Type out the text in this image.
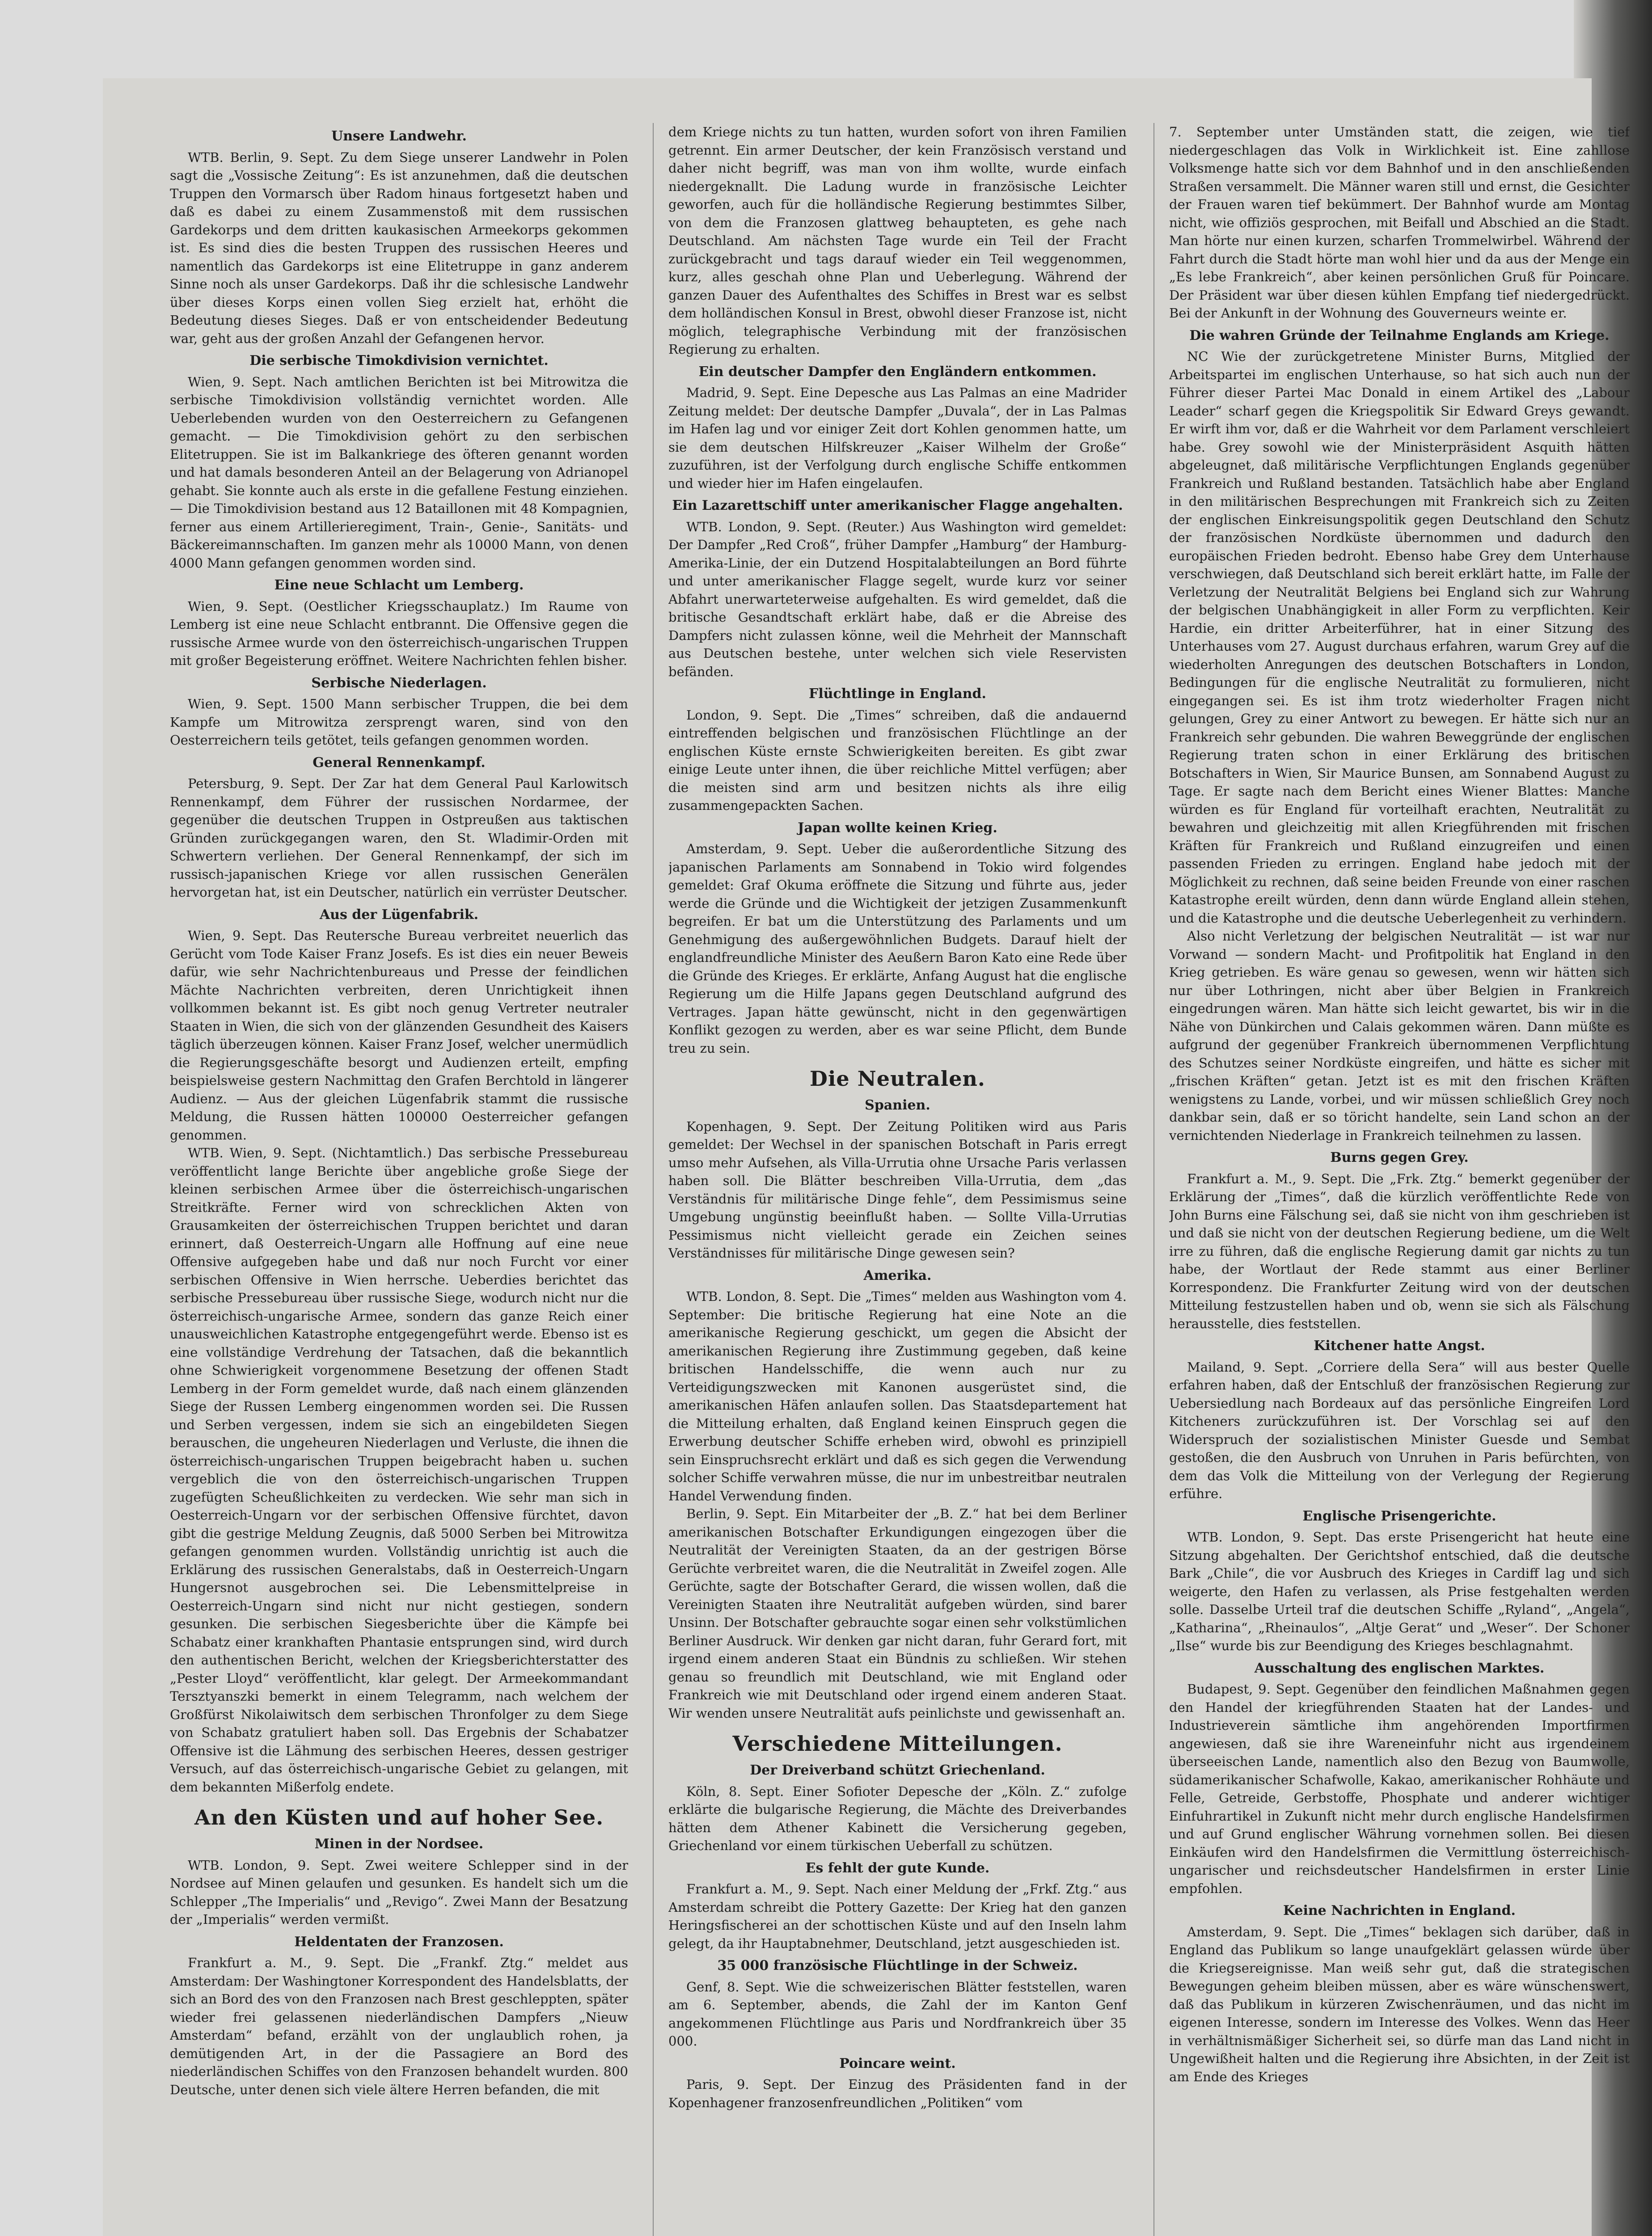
Unsere Landwehr.

WTB. Berlin, 9. Sept. Zu dem Siege unserer Landwehr in Polen sagt die „Vossische Zeitung“: Es ist anzunehmen, daß die deutschen Truppen den Vormarsch über Radom hinaus fortgesetzt haben und daß es dabei zu einem Zusammenstoß mit dem russischen Gardekorps und dem dritten kaukasischen Armeekorps gekommen ist. Es sind dies die besten Truppen des russischen Heeres und namentlich das Gardekorps ist eine Elitetruppe in ganz anderem Sinne noch als unser Gardekorps. Daß ihr die schlesische Landwehr über dieses Korps einen vollen Sieg erzielt hat, erhöht die Bedeutung dieses Sieges. Daß er von entscheidender Bedeutung war, geht aus der großen Anzahl der Gefangenen hervor.

Die serbische Timokdivision vernichtet.

Wien, 9. Sept. Nach amtlichen Berichten ist bei Mitrowitza die serbische Timokdivision vollständig vernichtet worden. Alle Ueberlebenden wurden von den Oesterreichern zu Gefangenen gemacht. — Die Timokdivision gehört zu den serbischen Elitetruppen. Sie ist im Balkankriege des öfteren genannt worden und hat damals besonderen Anteil an der Belagerung von Adrianopel gehabt. Sie konnte auch als erste in die gefallene Festung einziehen. — Die Timokdivision bestand aus 12 Bataillonen mit 48 Kompagnien, ferner aus einem Artillerieregiment, Train-, Genie-, Sanitäts- und Bäckereimannschaften. Im ganzen mehr als 10000 Mann, von denen 4000 Mann gefangen genommen worden sind.

Eine neue Schlacht um Lemberg.

Wien, 9. Sept. (Oestlicher Kriegsschauplatz.) Im Raume von Lemberg ist eine neue Schlacht entbrannt. Die Offensive gegen die russische Armee wurde von den österreichisch-ungarischen Truppen mit großer Begeisterung eröffnet. Weitere Nachrichten fehlen bisher.

Serbische Niederlagen.

Wien, 9. Sept. 1500 Mann serbischer Truppen, die bei dem Kampfe um Mitrowitza zersprengt waren, sind von den Oesterreichern teils getötet, teils gefangen genommen worden.

General Rennenkampf.

Petersburg, 9. Sept. Der Zar hat dem General Paul Karlowitsch Rennenkampf, dem Führer der russischen Nordarmee, der gegenüber die deutschen Truppen in Ostpreußen aus taktischen Gründen zurückgegangen waren, den St. Wladimir-Orden mit Schwertern verliehen. Der General Rennenkampf, der sich im russisch-japanischen Kriege vor allen russischen Generälen hervorgetan hat, ist ein Deutscher, natürlich ein verrüster Deutscher.

Aus der Lügenfabrik.

Wien, 9. Sept. Das Reutersche Bureau verbreitet neuerlich das Gerücht vom Tode Kaiser Franz Josefs. Es ist dies ein neuer Beweis dafür, wie sehr Nachrichtenbureaus und Presse der feindlichen Mächte Nachrichten verbreiten, deren Unrichtigkeit ihnen vollkommen bekannt ist. Es gibt noch genug Vertreter neutraler Staaten in Wien, die sich von der glänzenden Gesundheit des Kaisers täglich überzeugen können. Kaiser Franz Josef, welcher unermüdlich die Regierungsgeschäfte besorgt und Audienzen erteilt, empfing beispielsweise gestern Nachmittag den Grafen Berchtold in längerer Audienz. — Aus der gleichen Lügenfabrik stammt die russische Meldung, die Russen hätten 100000 Oesterreicher gefangen genommen.

WTB. Wien, 9. Sept. (Nichtamtlich.) Das serbische Pressebureau veröffentlicht lange Berichte über angebliche große Siege der kleinen serbischen Armee über die österreichisch-ungarischen Streitkräfte. Ferner wird von schrecklichen Akten von Grausamkeiten der österreichischen Truppen berichtet und daran erinnert, daß Oesterreich-Ungarn alle Hoffnung auf eine neue Offensive aufgegeben habe und daß nur noch Furcht vor einer serbischen Offensive in Wien herrsche. Ueberdies berichtet das serbische Pressebureau über russische Siege, wodurch nicht nur die österreichisch-ungarische Armee, sondern das ganze Reich einer unausweichlichen Katastrophe entgegengeführt werde. Ebenso ist es eine vollständige Verdrehung der Tatsachen, daß die bekanntlich ohne Schwierigkeit vorgenommene Besetzung der offenen Stadt Lemberg in der Form gemeldet wurde, daß nach einem glänzenden Siege der Russen Lemberg eingenommen worden sei. Die Russen und Serben vergessen, indem sie sich an eingebildeten Siegen berauschen, die ungeheuren Niederlagen und Verluste, die ihnen die österreichisch-ungarischen Truppen beigebracht haben u. suchen vergeblich die von den österreichisch-ungarischen Truppen zugefügten Scheußlichkeiten zu verdecken. Wie sehr man sich in Oesterreich-Ungarn vor der serbischen Offensive fürchtet, davon gibt die gestrige Meldung Zeugnis, daß 5000 Serben bei Mitrowitza gefangen genommen wurden. Vollständig unrichtig ist auch die Erklärung des russischen Generalstabs, daß in Oesterreich-Ungarn Hungersnot ausgebrochen sei. Die Lebensmittelpreise in Oesterreich-Ungarn sind nicht nur nicht gestiegen, sondern gesunken. Die serbischen Siegesberichte über die Kämpfe bei Schabatz einer krankhaften Phantasie entsprungen sind, wird durch den authentischen Bericht, welchen der Kriegsberichterstatter des „Pester Lloyd“ veröffentlicht, klar gelegt. Der Armeekommandant Tersztyanszki bemerkt in einem Telegramm, nach welchem der Großfürst Nikolaiwitsch dem serbischen Thronfolger zu dem Siege von Schabatz gratuliert haben soll. Das Ergebnis der Schabatzer Offensive ist die Lähmung des serbischen Heeres, dessen gestriger Versuch, auf das österreichisch-ungarische Gebiet zu gelangen, mit dem bekannten Mißerfolg endete.

An den Küsten und auf hoher See.
Minen in der Nordsee.

WTB. London, 9. Sept. Zwei weitere Schlepper sind in der Nordsee auf Minen gelaufen und gesunken. Es handelt sich um die Schlepper „The Imperialis“ und „Revigo“. Zwei Mann der Besatzung der „Imperialis“ werden vermißt.

Heldentaten der Franzosen.

Frankfurt a. M., 9. Sept. Die „Frankf. Ztg.“ meldet aus Amsterdam: Der Washingtoner Korrespondent des Handelsblatts, der sich an Bord des von den Franzosen nach Brest geschleppten, später wieder frei gelassenen niederländischen Dampfers „Nieuw Amsterdam“ befand, erzählt von der unglaublich rohen, ja demütigenden Art, in der die Passagiere an Bord des niederländischen Schiffes von den Franzosen behandelt wurden. 800 Deutsche, unter denen sich viele ältere Herren befanden, die mit

dem Kriege nichts zu tun hatten, wurden sofort von ihren Familien getrennt. Ein armer Deutscher, der kein Französisch verstand und daher nicht begriff, was man von ihm wollte, wurde einfach niedergeknallt. Die Ladung wurde in französische Leichter geworfen, auch für die holländische Regierung bestimmtes Silber, von dem die Franzosen glattweg behaupteten, es gehe nach Deutschland. Am nächsten Tage wurde ein Teil der Fracht zurückgebracht und tags darauf wieder ein Teil weggenommen, kurz, alles geschah ohne Plan und Ueberlegung. Während der ganzen Dauer des Aufenthaltes des Schiffes in Brest war es selbst dem holländischen Konsul in Brest, obwohl dieser Franzose ist, nicht möglich, telegraphische Verbindung mit der französischen Regierung zu erhalten.

Ein deutscher Dampfer den Engländern entkommen.

Madrid, 9. Sept. Eine Depesche aus Las Palmas an eine Madrider Zeitung meldet: Der deutsche Dampfer „Duvala“, der in Las Palmas im Hafen lag und vor einiger Zeit dort Kohlen genommen hatte, um sie dem deutschen Hilfskreuzer „Kaiser Wilhelm der Große“ zuzuführen, ist der Verfolgung durch englische Schiffe entkommen und wieder hier im Hafen eingelaufen.

Ein Lazarettschiff unter amerikanischer Flagge angehalten.

WTB. London, 9. Sept. (Reuter.) Aus Washington wird gemeldet: Der Dampfer „Red Croß“, früher Dampfer „Hamburg“ der Hamburg-Amerika-Linie, der ein Dutzend Hospitalabteilungen an Bord führte und unter amerikanischer Flagge segelt, wurde kurz vor seiner Abfahrt unerwarteterweise aufgehalten. Es wird gemeldet, daß die britische Gesandtschaft erklärt habe, daß er die Abreise des Dampfers nicht zulassen könne, weil die Mehrheit der Mannschaft aus Deutschen bestehe, unter welchen sich viele Reservisten befänden.

Flüchtlinge in England.

London, 9. Sept. Die „Times“ schreiben, daß die andauernd eintreffenden belgischen und französischen Flüchtlinge an der englischen Küste ernste Schwierigkeiten bereiten. Es gibt zwar einige Leute unter ihnen, die über reichliche Mittel verfügen; aber die meisten sind arm und besitzen nichts als ihre eilig zusammengepackten Sachen.

Japan wollte keinen Krieg.

Amsterdam, 9. Sept. Ueber die außerordentliche Sitzung des japanischen Parlaments am Sonnabend in Tokio wird folgendes gemeldet: Graf Okuma eröffnete die Sitzung und führte aus, jeder werde die Gründe und die Wichtigkeit der jetzigen Zusammenkunft begreifen. Er bat um die Unterstützung des Parlaments und um Genehmigung des außergewöhnlichen Budgets. Darauf hielt der englandfreundliche Minister des Aeußern Baron Kato eine Rede über die Gründe des Krieges. Er erklärte, Anfang August hat die englische Regierung um die Hilfe Japans gegen Deutschland aufgrund des Vertrages. Japan hätte gewünscht, nicht in den gegenwärtigen Konflikt gezogen zu werden, aber es war seine Pflicht, dem Bunde treu zu sein.

Die Neutralen.
Spanien.

Kopenhagen, 9. Sept. Der Zeitung Politiken wird aus Paris gemeldet: Der Wechsel in der spanischen Botschaft in Paris erregt umso mehr Aufsehen, als Villa-Urrutia ohne Ursache Paris verlassen haben soll. Die Blätter beschreiben Villa-Urrutia, dem „das Verständnis für militärische Dinge fehle“, dem Pessimismus seine Umgebung ungünstig beeinflußt haben. — Sollte Villa-Urrutias Pessimismus nicht vielleicht gerade ein Zeichen seines Verständnisses für militärische Dinge gewesen sein?

Amerika.

WTB. London, 8. Sept. Die „Times“ melden aus Washington vom 4. September: Die britische Regierung hat eine Note an die amerikanische Regierung geschickt, um gegen die Absicht der amerikanischen Regierung ihre Zustimmung gegeben, daß keine britischen Handelsschiffe, die wenn auch nur zu Verteidigungszwecken mit Kanonen ausgerüstet sind, die amerikanischen Häfen anlaufen sollen. Das Staatsdepartement hat die Mitteilung erhalten, daß England keinen Einspruch gegen die Erwerbung deutscher Schiffe erheben wird, obwohl es prinzipiell sein Einspruchsrecht erklärt und daß es sich gegen die Verwendung solcher Schiffe verwahren müsse, die nur im unbestreitbar neutralen Handel Verwendung finden.

Berlin, 9. Sept. Ein Mitarbeiter der „B. Z.“ hat bei dem Berliner amerikanischen Botschafter Erkundigungen eingezogen über die Neutralität der Vereinigten Staaten, da an der gestrigen Börse Gerüchte verbreitet waren, die die Neutralität in Zweifel zogen. Alle Gerüchte, sagte der Botschafter Gerard, die wissen wollen, daß die Vereinigten Staaten ihre Neutralität aufgeben würden, sind barer Unsinn. Der Botschafter gebrauchte sogar einen sehr volkstümlichen Berliner Ausdruck. Wir denken gar nicht daran, fuhr Gerard fort, mit irgend einem anderen Staat ein Bündnis zu schließen. Wir stehen genau so freundlich mit Deutschland, wie mit England oder Frankreich wie mit Deutschland oder irgend einem anderen Staat. Wir wenden unsere Neutralität aufs peinlichste und gewissenhaft an.

Verschiedene Mitteilungen.
Der Dreiverband schützt Griechenland.

Köln, 8. Sept. Einer Sofioter Depesche der „Köln. Z.“ zufolge erklärte die bulgarische Regierung, die Mächte des Dreiverbandes hätten dem Athener Kabinett die Versicherung gegeben, Griechenland vor einem türkischen Ueberfall zu schützen.

Es fehlt der gute Kunde.

Frankfurt a. M., 9. Sept. Nach einer Meldung der „Frkf. Ztg.“ aus Amsterdam schreibt die Pottery Gazette: Der Krieg hat den ganzen Heringsfischerei an der schottischen Küste und auf den Inseln lahm gelegt, da ihr Hauptabnehmer, Deutschland, jetzt ausgeschieden ist.

35 000 französische Flüchtlinge in der Schweiz.

Genf, 8. Sept. Wie die schweizerischen Blätter feststellen, waren am 6. September, abends, die Zahl der im Kanton Genf angekommenen Flüchtlinge aus Paris und Nordfrankreich über 35 000.

Poincare weint.

Paris, 9. Sept. Der Einzug des Präsidenten fand in der Kopenhagener franzosenfreundlichen „Politiken“ vom

7. September unter Umständen statt, die zeigen, wie tief niedergeschlagen das Volk in Wirklichkeit ist. Eine zahllose Volksmenge hatte sich vor dem Bahnhof und in den anschließenden Straßen versammelt. Die Männer waren still und ernst, die Gesichter der Frauen waren tief bekümmert. Der Bahnhof wurde am Montag nicht, wie offiziös gesprochen, mit Beifall und Abschied an die Stadt. Man hörte nur einen kurzen, scharfen Trommelwirbel. Während der Fahrt durch die Stadt hörte man wohl hier und da aus der Menge ein „Es lebe Frankreich“, aber keinen persönlichen Gruß für Poincare. Der Präsident war über diesen kühlen Empfang tief niedergedrückt. Bei der Ankunft in der Wohnung des Gouverneurs weinte er.

Die wahren Gründe der Teilnahme Englands am Kriege.

NC Wie der zurückgetretene Minister Burns, Mitglied der Arbeitspartei im englischen Unterhause, so hat sich auch nun der Führer dieser Partei Mac Donald in einem Artikel des „Labour Leader“ scharf gegen die Kriegspolitik Sir Edward Greys gewandt. Er wirft ihm vor, daß er die Wahrheit vor dem Parlament verschleiert habe. Grey sowohl wie der Ministerpräsident Asquith hätten abgeleugnet, daß militärische Verpflichtungen Englands gegenüber Frankreich und Rußland bestanden. Tatsächlich habe aber England in den militärischen Besprechungen mit Frankreich sich zu Zeiten der englischen Einkreisungspolitik gegen Deutschland den Schutz der französischen Nordküste übernommen und dadurch den europäischen Frieden bedroht. Ebenso habe Grey dem Unterhause verschwiegen, daß Deutschland sich bereit erklärt hatte, im Falle der Verletzung der Neutralität Belgiens bei England sich zur Wahrung der belgischen Unabhängigkeit in aller Form zu verpflichten. Keir Hardie, ein dritter Arbeiterführer, hat in einer Sitzung des Unterhauses vom 27. August durchaus erfahren, warum Grey auf die wiederholten Anregungen des deutschen Botschafters in London, Bedingungen für die englische Neutralität zu formulieren, nicht eingegangen sei. Es ist ihm trotz wiederholter Fragen nicht gelungen, Grey zu einer Antwort zu bewegen. Er hätte sich nur an Frankreich sehr gebunden. Die wahren Beweggründe der englischen Regierung traten schon in einer Erklärung des britischen Botschafters in Wien, Sir Maurice Bunsen, am Sonnabend August zu Tage. Er sagte nach dem Bericht eines Wiener Blattes: Manche würden es für England für vorteilhaft erachten, Neutralität zu bewahren und gleichzeitig mit allen Kriegführenden mit frischen Kräften für Frankreich und Rußland einzugreifen und einen passenden Frieden zu erringen. England habe jedoch mit der Möglichkeit zu rechnen, daß seine beiden Freunde von einer raschen Katastrophe ereilt würden, denn dann würde England allein stehen, und die Katastrophe und die deutsche Ueberlegenheit zu verhindern.

Also nicht Verletzung der belgischen Neutralität — ist war nur Vorwand — sondern Macht- und Profitpolitik hat England in den Krieg getrieben. Es wäre genau so gewesen, wenn wir hätten sich nur über Lothringen, nicht aber über Belgien in Frankreich eingedrungen wären. Man hätte sich leicht gewartet, bis wir in die Nähe von Dünkirchen und Calais gekommen wären. Dann müßte es aufgrund der gegenüber Frankreich übernommenen Verpflichtung des Schutzes seiner Nordküste eingreifen, und hätte es sicher mit „frischen Kräften“ getan. Jetzt ist es mit den frischen Kräften wenigstens zu Lande, vorbei, und wir müssen schließlich Grey noch dankbar sein, daß er so töricht handelte, sein Land schon an der vernichtenden Niederlage in Frankreich teilnehmen zu lassen.

Burns gegen Grey.

Frankfurt a. M., 9. Sept. Die „Frk. Ztg.“ bemerkt gegenüber der Erklärung der „Times“, daß die kürzlich veröffentlichte Rede von John Burns eine Fälschung sei, daß sie nicht von ihm geschrieben ist und daß sie nicht von der deutschen Regierung bediene, um die Welt irre zu führen, daß die englische Regierung damit gar nichts zu tun habe, der Wortlaut der Rede stammt aus einer Berliner Korrespondenz. Die Frankfurter Zeitung wird von der deutschen Mitteilung festzustellen haben und ob, wenn sie sich als Fälschung herausstelle, dies feststellen.

Kitchener hatte Angst.

Mailand, 9. Sept. „Corriere della Sera“ will aus bester Quelle erfahren haben, daß der Entschluß der französischen Regierung zur Uebersiedlung nach Bordeaux auf das persönliche Eingreifen Lord Kitcheners zurückzuführen ist. Der Vorschlag sei auf den Widerspruch der sozialistischen Minister Guesde und Sembat gestoßen, die den Ausbruch von Unruhen in Paris befürchten, von dem das Volk die Mitteilung von der Verlegung der Regierung erführe.

Englische Prisengerichte.

WTB. London, 9. Sept. Das erste Prisengericht hat heute eine Sitzung abgehalten. Der Gerichtshof entschied, daß die deutsche Bark „Chile“, die vor Ausbruch des Krieges in Cardiff lag und sich weigerte, den Hafen zu verlassen, als Prise festgehalten werden solle. Dasselbe Urteil traf die deutschen Schiffe „Ryland“, „Angela“, „Katharina“, „Rheinaulos“, „Altje Gerat“ und „Weser“. Der Schoner „Ilse“ wurde bis zur Beendigung des Krieges beschlagnahmt.

Ausschaltung des englischen Marktes.

Budapest, 9. Sept. Gegenüber den feindlichen Maßnahmen gegen den Handel der kriegführenden Staaten hat der Landes- und Industrieverein sämtliche ihm angehörenden Importfirmen angewiesen, daß sie ihre Wareneinfuhr nicht aus irgendeinem überseeischen Lande, namentlich also den Bezug von Baumwolle, südamerikanischer Schafwolle, Kakao, amerikanischer Rohhäute und Felle, Getreide, Gerbstoffe, Phosphate und anderer wichtiger Einfuhrartikel in Zukunft nicht mehr durch englische Handelsfirmen und auf Grund englischer Währung vornehmen sollen. Bei diesen Einkäufen wird den Handelsfirmen die Vermittlung österreichisch-ungarischer und reichsdeutscher Handelsfirmen in erster Linie empfohlen.

Keine Nachrichten in England.

Amsterdam, 9. Sept. Die „Times“ beklagen sich darüber, daß in England das Publikum so lange unaufgeklärt gelassen würde über die Kriegsereignisse. Man weiß sehr gut, daß die strategischen Bewegungen geheim bleiben müssen, aber es wäre wünschenswert, daß das Publikum in kürzeren Zwischenräumen, und das nicht im eigenen Interesse, sondern im Interesse des Volkes. Wenn das Heer in verhältnismäßiger Sicherheit sei, so dürfe man das Land nicht in Ungewißheit halten und die Regierung ihre Absichten, in der Zeit ist am Ende des Krieges
